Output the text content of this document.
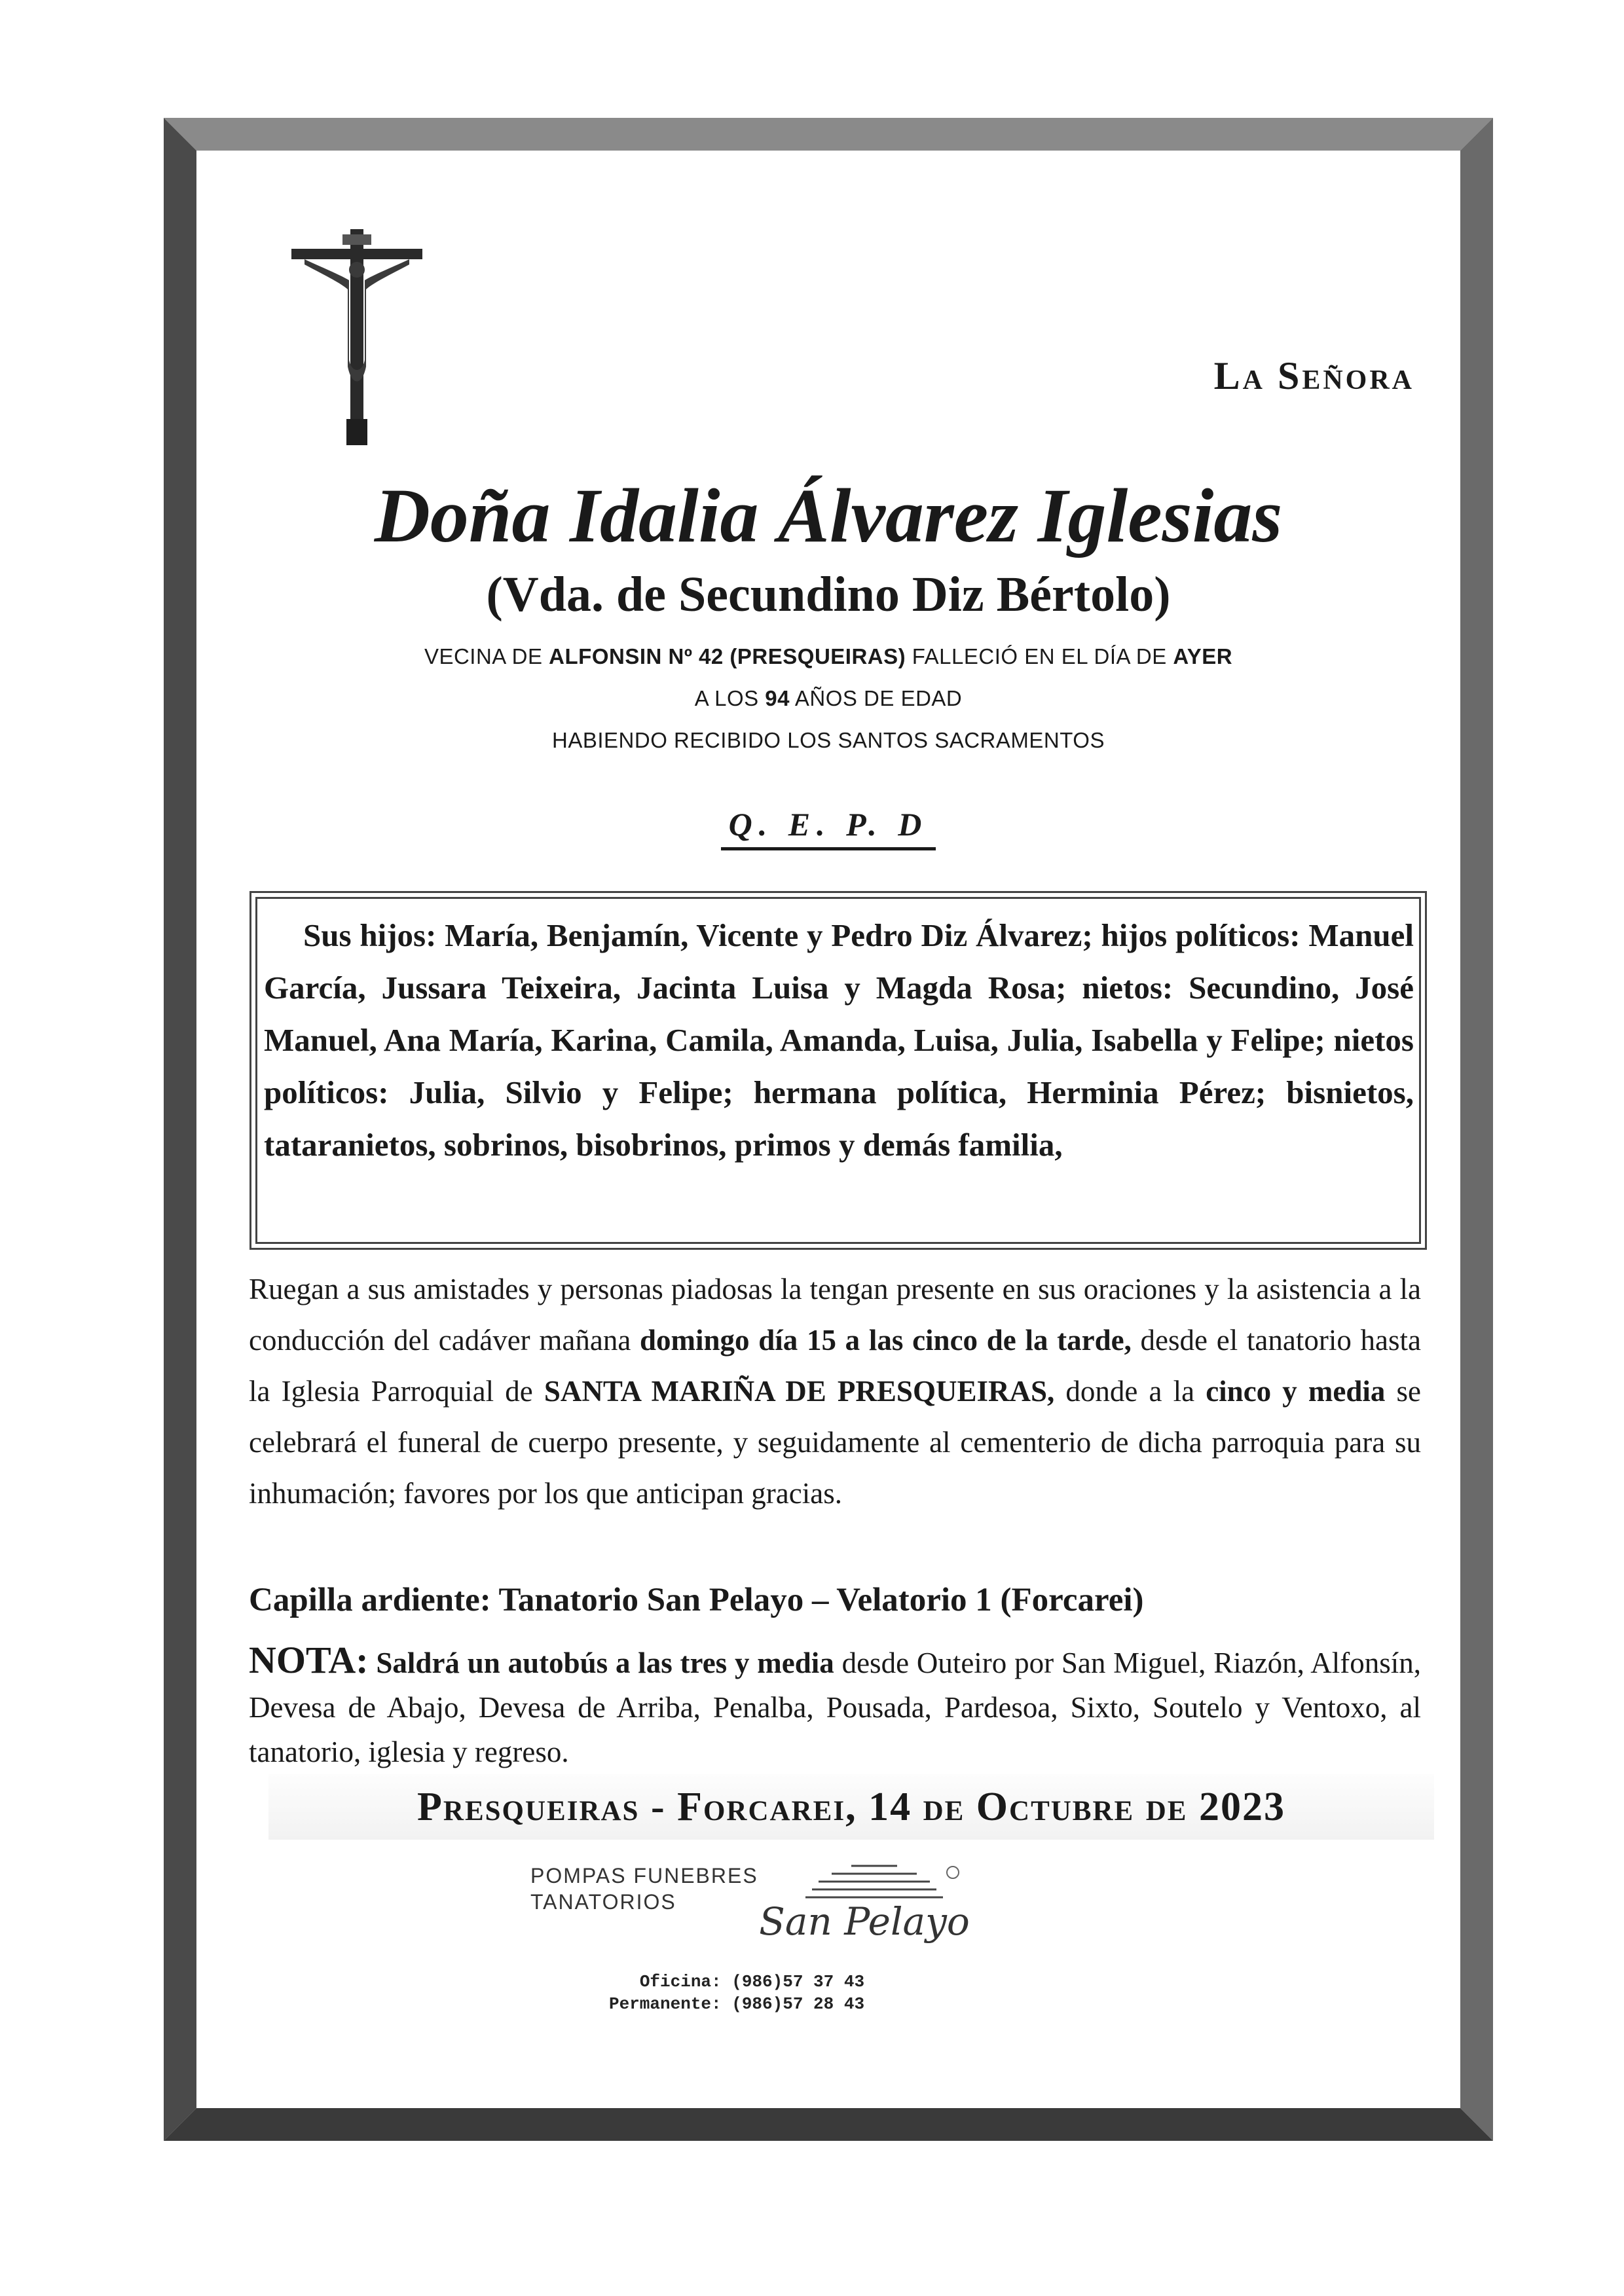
La Señora
Doña Idalia Álvarez Iglesias
(Vda. de Secundino Diz Bértolo)
VECINA DE ALFONSIN Nº 42 (PRESQUEIRAS) FALLECIÓ EN EL DÍA DE AYER
A LOS 94 AÑOS DE EDAD
HABIENDO RECIBIDO LOS SANTOS SACRAMENTOS
Q. E. P. D
Sus hijos: María, Benjamín, Vicente y Pedro Diz Álvarez; hijos políticos: Manuel García, Jussara Teixeira, Jacinta Luisa y Magda Rosa; nietos: Secundino, José Manuel, Ana María, Karina, Camila, Amanda, Luisa, Julia, Isabella y Felipe; nietos políticos: Julia, Silvio y Felipe; hermana política, Herminia Pérez; bisnietos, tataranietos, sobrinos, bisobrinos, primos y demás familia,
Ruegan a sus amistades y personas piadosas la tengan presente en sus oraciones y la asistencia a la conducción del cadáver mañana domingo día 15 a las cinco de la tarde, desde el tanatorio hasta la Iglesia Parroquial de SANTA MARIÑA DE PRESQUEIRAS, donde a la cinco y media se celebrará el funeral de cuerpo presente, y seguidamente al cementerio de dicha parroquia para su inhumación; favores por los que anticipan gracias.
Capilla ardiente: Tanatorio San Pelayo – Velatorio 1 (Forcarei)
NOTA: Saldrá un autobús a las tres y media desde Outeiro por San Miguel, Riazón, Alfonsín, Devesa de Abajo, Devesa de Arriba, Penalba, Pousada, Pardesoa, Sixto, Soutelo y Ventoxo, al tanatorio, iglesia y regreso.
Presqueiras - Forcarei, 14 de Octubre de 2023
POMPAS FUNEBRES
TANATORIOS	San Pelayo
Oficina: (986)57 37 43
Permanente: (986)57 28 43
